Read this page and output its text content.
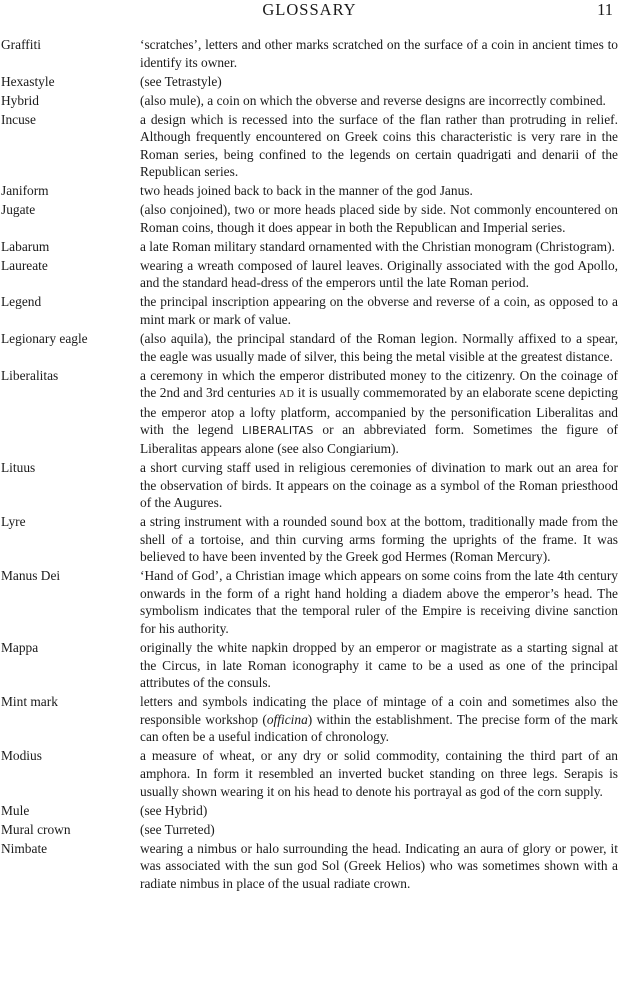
GLOSSARY	11
Graffiti	‘scratches’, letters and other marks scratched on the surface of a coin in ancient times to identify its owner.
Hexastyle	(see Tetrastyle)
Hybrid	(also mule), a coin on which the obverse and reverse designs are incorrectly combined.
Incuse	a design which is recessed into the surface of the flan rather than protruding in relief. Although frequently encountered on Greek coins this characteristic is very rare in the Roman series, being confined to the legends on certain quadrigati and denarii of the Republican series.
Janiform	two heads joined back to back in the manner of the god Janus.
Jugate	(also conjoined), two or more heads placed side by side. Not commonly encountered on Roman coins, though it does appear in both the Republican and Imperial series.
Labarum	a late Roman military standard ornamented with the Christian monogram (Christogram).
Laureate	wearing a wreath composed of laurel leaves. Originally associated with the god Apollo, and the standard head-dress of the emperors until the late Roman period.
Legend	the principal inscription appearing on the obverse and reverse of a coin, as opposed to a mint mark or mark of value.
Legionary eagle	(also aquila), the principal standard of the Roman legion. Normally affixed to a spear, the eagle was usually made of silver, this being the metal visible at the greatest distance.
Liberalitas	a ceremony in which the emperor distributed money to the citizenry. On the coinage of the 2nd and 3rd centuries AD it is usually commemorated by an elaborate scene depicting the emperor atop a lofty platform, accompanied by the personification Liberalitas and with the legend LIBERALITAS or an abbreviated form. Sometimes the figure of Liberalitas appears alone (see also Congiarium).
Lituus	a short curving staff used in religious ceremonies of divination to mark out an area for the observation of birds. It appears on the coinage as a symbol of the Roman priesthood of the Augures.
Lyre	a string instrument with a rounded sound box at the bottom, traditionally made from the shell of a tortoise, and thin curving arms forming the uprights of the frame. It was believed to have been invented by the Greek god Hermes (Roman Mercury).
Manus Dei	‘Hand of God’, a Christian image which appears on some coins from the late 4th century onwards in the form of a right hand holding a diadem above the emperor’s head. The symbolism indicates that the temporal ruler of the Empire is receiving divine sanction for his authority.
Mappa	originally the white napkin dropped by an emperor or magistrate as a starting signal at the Circus, in late Roman iconography it came to be a used as one of the principal attributes of the consuls.
Mint mark	letters and symbols indicating the place of mintage of a coin and sometimes also the responsible workshop (officina) within the establishment. The precise form of the mark can often be a useful indication of chronology.
Modius	a measure of wheat, or any dry or solid commodity, containing the third part of an amphora. In form it resembled an inverted bucket standing on three legs. Serapis is usually shown wearing it on his head to denote his portrayal as god of the corn supply.
Mule	(see Hybrid)
Mural crown	(see Turreted)
Nimbate	wearing a nimbus or halo surrounding the head. Indicating an aura of glory or power, it was associated with the sun god Sol (Greek Helios) who was sometimes shown with a radiate nimbus in place of the usual radiate crown.
